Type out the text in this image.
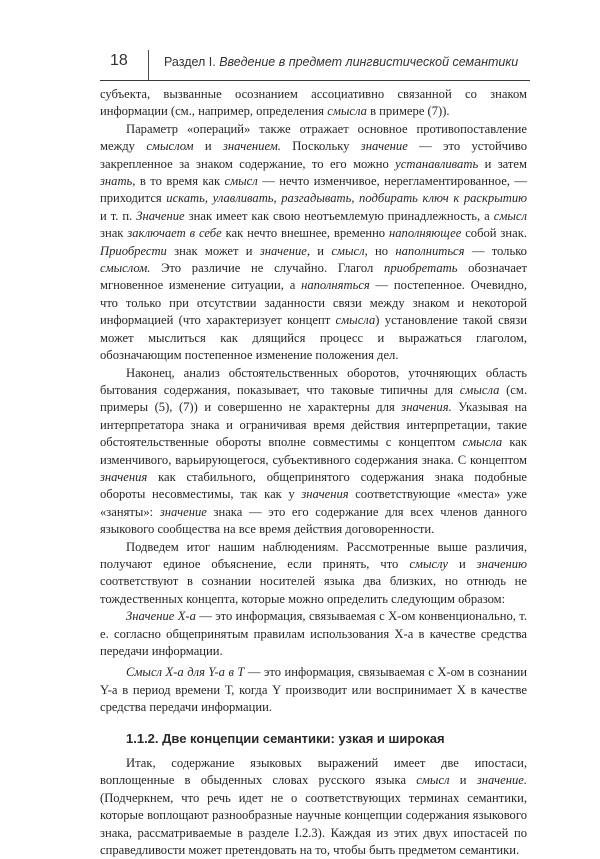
18	Раздел I. Введение в предмет лингвистической семантики

субъекта, вызванные осознанием ассоциативно связанной со знаком информации (см., например, определения смысла в примере (7)).

Параметр «операций» также отражает основное противопоставление между смыслом и значением. Поскольку значение — это устойчиво закрепленное за знаком содержание, то его можно устанавливать и затем знать, в то время как смысл — нечто изменчивое, нерегламентированное, — приходится искать, улавливать, разгадывать, подбирать ключ к раскрытию и т. п. Значение знак имеет как свою неотъемлемую принадлежность, а смысл знак заключает в себе как нечто внешнее, временно наполняющее собой знак. Приобрести знак может и значение, и смысл, но наполниться — только смыслом. Это различие не случайно. Глагол приобретать обозначает мгновенное изменение ситуации, а наполняться — постепенное. Очевидно, что только при отсутствии заданности связи между знаком и некоторой информацией (что характеризует концепт смысла) установление такой связи может мыслиться как длящийся процесс и выражаться глаголом, обозначающим постепенное изменение положения дел.

Наконец, анализ обстоятельственных оборотов, уточняющих область бытования содержания, показывает, что таковые типичны для смысла (см. примеры (5), (7)) и совершенно не характерны для значения. Указывая на интерпретатора знака и ограничивая время действия интерпретации, такие обстоятельственные обороты вполне совместимы с концептом смысла как изменчивого, варьирующегося, субъективного содержания знака. С концептом значения как стабильного, общепринятого содержания знака подобные обороты несовместимы, так как у значения соответствующие «места» уже «заняты»: значение знака — это его содержание для всех членов данного языкового сообщества на все время действия договоренности.

Подведем итог нашим наблюдениям. Рассмотренные выше различия, получают единое объяснение, если принять, что смыслу и значению соответствуют в сознании носителей языка два близких, но отнюдь не тождественных концепта, которые можно определить следующим образом:

Значение Х-а — это информация, связываемая с Х-ом конвенционально, т. е. согласно общепринятым правилам использования Х-а в качестве средства передачи информации.

Смысл Х-а для Y-а в Т — это информация, связываемая с Х-ом в сознании Y-а в период времени Т, когда Y производит или воспринимает Х в качестве средства передачи информации.

1.1.2. Две концепции семантики: узкая и широкая

Итак, содержание языковых выражений имеет две ипостаси, воплощенные в обыденных словах русского языка смысл и значение. (Подчеркнем, что речь идет не о соответствующих терминах семантики, которые воплощают разнообразные научные концепции содержания языкового знака, рассматриваемые в разделе I.2.3). Каждая из этих двух ипостасей по справедливости может претендовать на то, чтобы быть предметом семантики.
